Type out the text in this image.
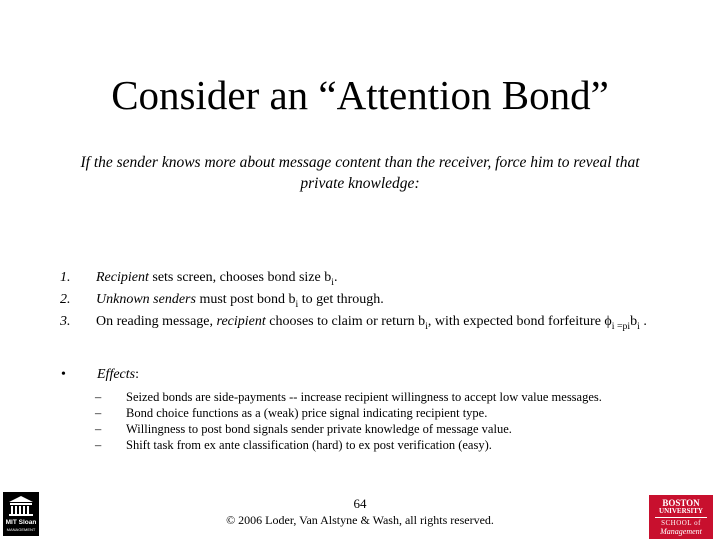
Consider an “Attention Bond”
If the sender knows more about message content than the receiver, force him to reveal that private knowledge:
1.	Recipient sets screen, chooses bond size $b_i$.
2.	Unknown senders must post bond $b_i$ to get through.
3.	On reading message, recipient chooses to claim or return $b_i$, with expected bond forfeiture $\phi_{i =pi}b_i$ .
•	Effects:
–	Seized bonds are side-payments -- increase recipient willingness to accept low value messages.
–	Bond choice functions as a (weak) price signal indicating recipient type.
–	Willingness to post bond signals sender private knowledge of message value.
–	Shift task from ex ante classification (hard) to ex post verification (easy).
64
© 2006 Loder, Van Alstyne & Wash, all rights reserved.
MIT Sloan
MANAGEMENT
BOSTON
UNIVERSITY
SCHOOL of
Management
